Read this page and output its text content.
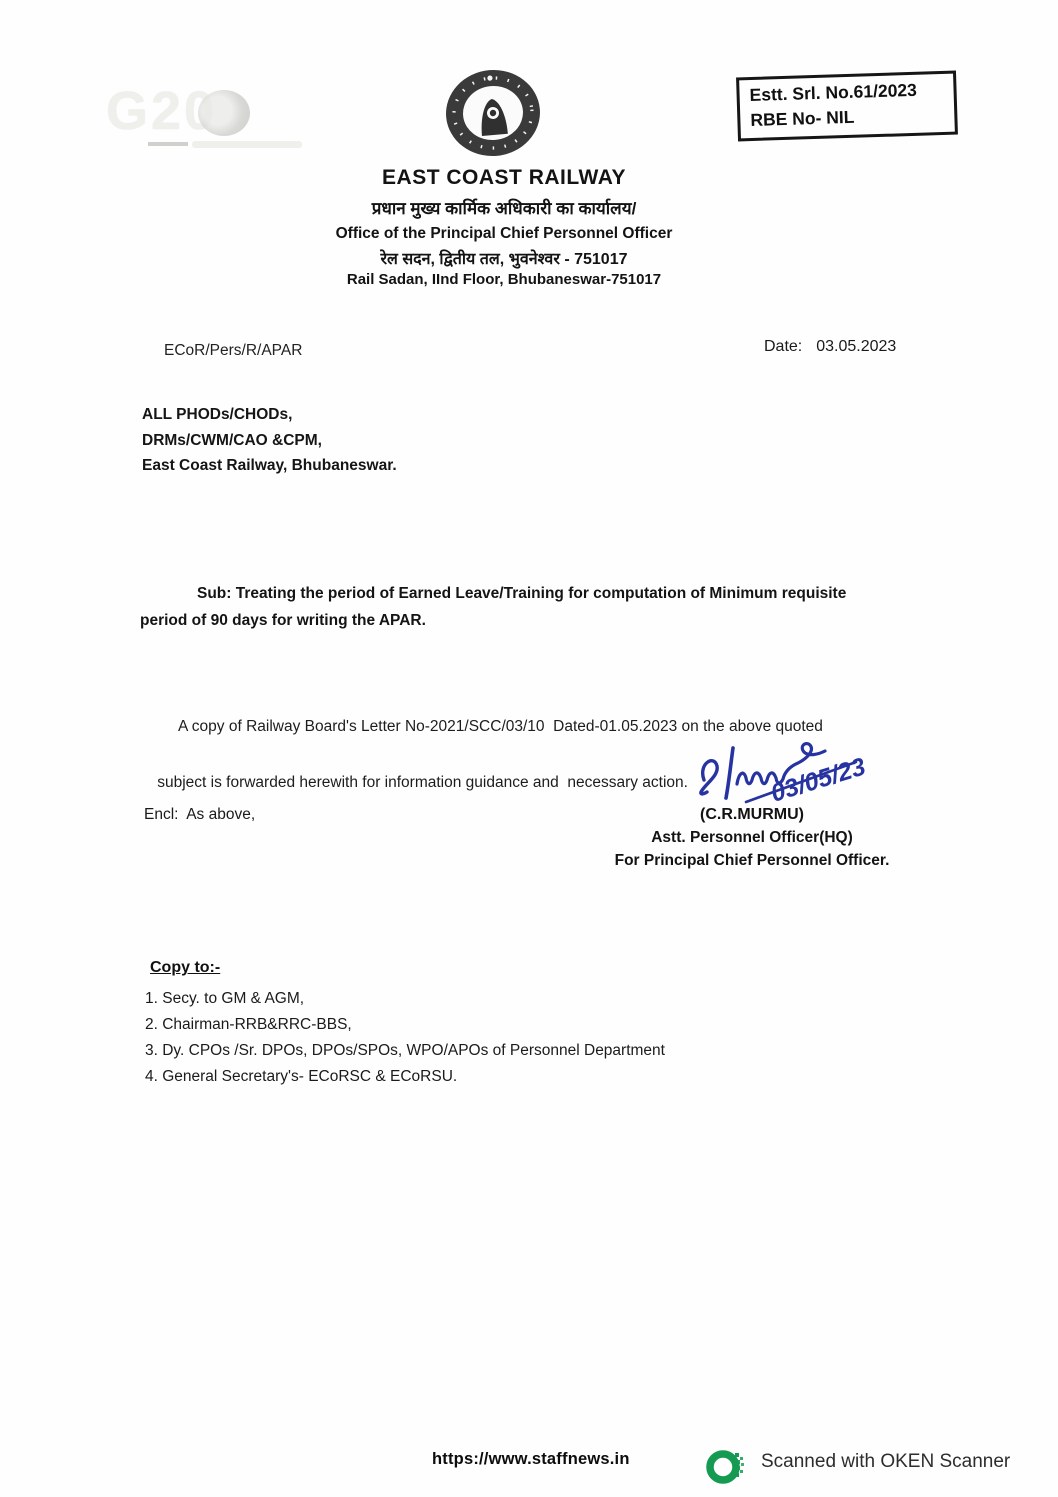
G20	Estt. Srl. No.61/2023
RBE No- NIL
EAST COAST RAILWAY
प्रधान मुख्य कार्मिक अधिकारी का कार्यालय/
Office of the Principal Chief Personnel Officer
रेल सदन, द्वितीय तल, भुवनेश्वर - 751017
Rail Sadan, IInd Floor, Bhubaneswar-751017
ECoR/Pers/R/APAR	Date: 03.05.2023
ALL PHODs/CHODs,
DRMs/CWM/CAO &CPM,
East Coast Railway, Bhubaneswar.

Sub: Treating the period of Earned Leave/Training for computation of Minimum requisite
period of 90 days for writing the APAR.

A copy of Railway Board's Letter No-2021/SCC/03/10  Dated-01.05.2023 on the above quoted

subject is forwarded herewith for information guidance and  necessary action.

Encl:  As above,
03/05/23
(C.R.MURMU)
Astt. Personnel Officer(HQ)
For Principal Chief Personnel Officer.
Copy to:-
1. Secy. to GM & AGM,
2. Chairman-RRB&RRC-BBS,
3. Dy. CPOs /Sr. DPOs, DPOs/SPOs, WPO/APOs of Personnel Department
4. General Secretary's- ECoRSC & ECoRSU.
https://www.staffnews.in	Scanned with OKEN Scanner
